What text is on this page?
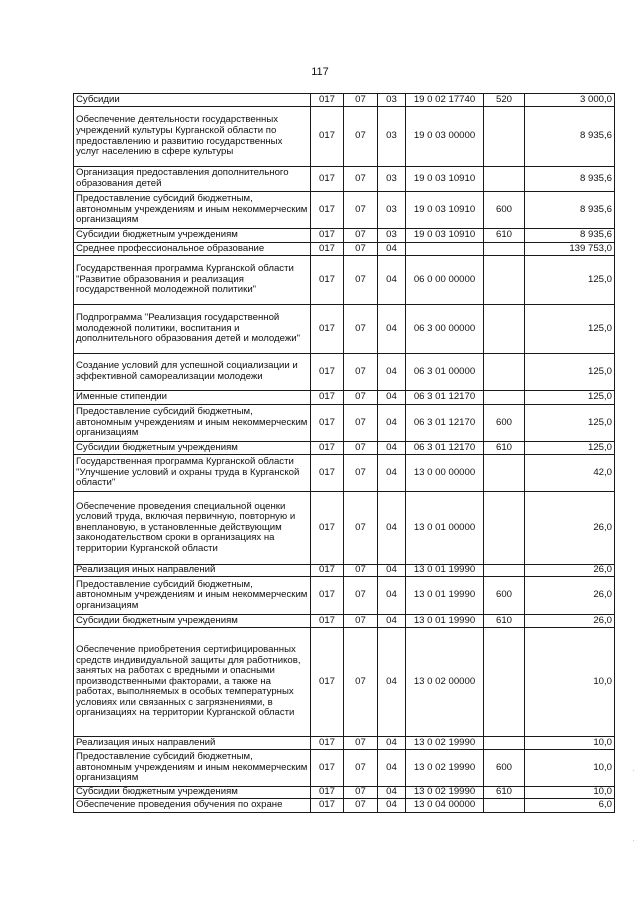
117
Субсидии	017	07	03	19 0 02 17740	520	3 000,0
Обеспечение деятельности государственных учреждений культуры Курганской области по предоставлению и развитию государственных услуг населению в сфере культуры	017	07	03	19 0 03 00000		8 935,6
Организация предоставления дополнительного образования детей	017	07	03	19 0 03 10910		8 935,6
Предоставление субсидий бюджетным, автономным учреждениям и иным некоммерческим организациям	017	07	03	19 0 03 10910	600	8 935,6
Субсидии бюджетным учреждениям	017	07	03	19 0 03 10910	610	8 935,6
Среднее профессиональное образование	017	07	04			139 753,0
Государственная программа Курганской области "Развитие образования и реализация государственной молодежной политики"	017	07	04	06 0 00 00000		125,0
Подпрограмма "Реализация государственной молодежной политики, воспитания и дополнительного образования детей и молодежи"	017	07	04	06 3 00 00000		125,0
Создание условий для успешной социализации и эффективной самореализации молодежи	017	07	04	06 3 01 00000		125,0
Именные стипендии	017	07	04	06 3 01 12170		125,0
Предоставление субсидий бюджетным, автономным учреждениям и иным некоммерческим организациям	017	07	04	06 3 01 12170	600	125,0
Субсидии бюджетным учреждениям	017	07	04	06 3 01 12170	610	125,0
Государственная программа Курганской области "Улучшение условий и охраны труда в Курганской области"	017	07	04	13 0 00 00000		42,0
Обеспечение проведения специальной оценки условий труда, включая первичную, повторную и внеплановую, в установленные действующим законодательством сроки в организациях на территории Курганской области	017	07	04	13 0 01 00000		26,0
Реализация иных направлений	017	07	04	13 0 01 19990		26,0
Предоставление субсидий бюджетным, автономным учреждениям и иным некоммерческим организациям	017	07	04	13 0 01 19990	600	26,0
Субсидии бюджетным учреждениям	017	07	04	13 0 01 19990	610	26,0
Обеспечение приобретения сертифицированных средств индивидуальной защиты для работников, занятых на работах с вредными и опасными производственными факторами, а также на работах, выполняемых в особых температурных условиях или связанных с загрязнениями, в организациях на территории Курганской области	017	07	04	13 0 02 00000		10,0
Реализация иных направлений	017	07	04	13 0 02 19990		10,0
Предоставление субсидий бюджетным, автономным учреждениям и иным некоммерческим организациям	017	07	04	13 0 02 19990	600	10,0
Субсидии бюджетным учреждениям	017	07	04	13 0 02 19990	610	10,0
Обеспечение проведения обучения по охране	017	07	04	13 0 04 00000		6,0
